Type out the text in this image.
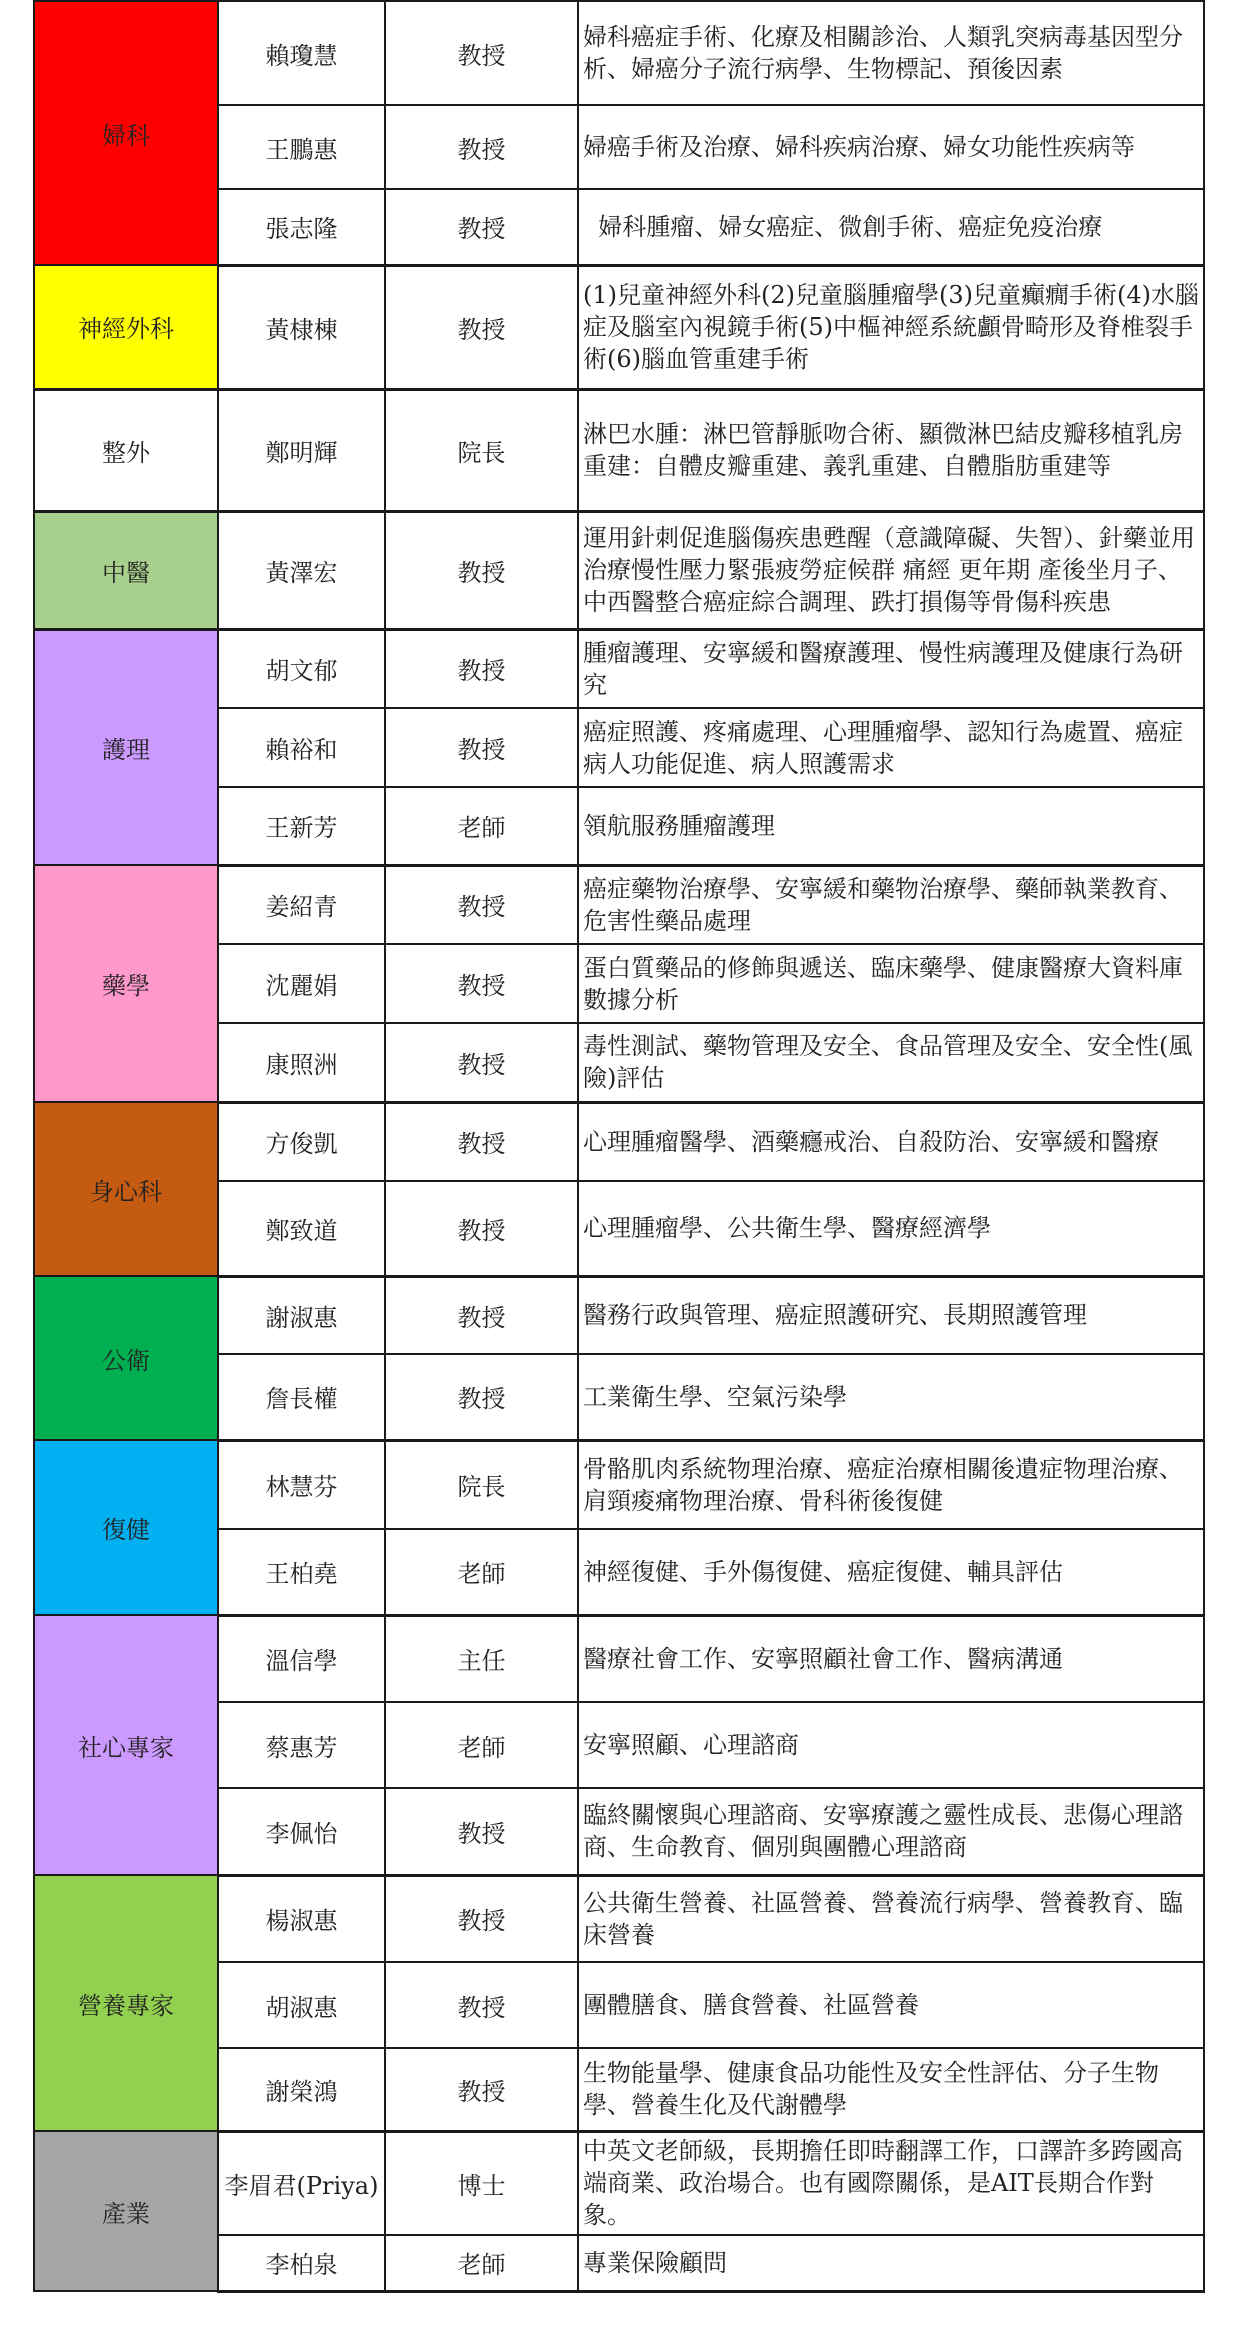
婦科	賴瓊慧	教授	婦科癌症手術、化療及相關診治、人類乳突病毒基因型分析、婦癌分子流行病學、生物標記、預後因素

	王鵬惠	教授	婦癌手術及治療、婦科疾病治療、婦女功能性疾病等

	張志隆	教授	婦科腫瘤、婦女癌症、微創手術、癌症免疫治療

神經外科	黃棣棟	教授	(1)兒童神經外科(2)兒童腦腫瘤學(3)兒童癲癇手術(4)水腦症及腦室內視鏡手術(5)中樞神經系統顱骨畸形及脊椎裂手術(6)腦血管重建手術

整外	鄭明輝	院長	淋巴水腫：淋巴管靜脈吻合術、顯微淋巴結皮瓣移植乳房重建：自體皮瓣重建、義乳重建、自體脂肪重建等

中醫	黃澤宏	教授	運用針刺促進腦傷疾患甦醒（意識障礙、失智）、針藥並用治療慢性壓力緊張疲勞症候群 痛經 更年期 產後坐月子、中西醫整合癌症綜合調理、跌打損傷等骨傷科疾患

護理	胡文郁	教授	腫瘤護理、安寧緩和醫療護理、慢性病護理及健康行為研究

	賴裕和	教授	癌症照護、疼痛處理、心理腫瘤學、認知行為處置、癌症病人功能促進、病人照護需求

	王新芳	老師	領航服務腫瘤護理

藥學	姜紹青	教授	癌症藥物治療學、安寧緩和藥物治療學、藥師執業教育、危害性藥品處理

	沈麗娟	教授	蛋白質藥品的修飾與遞送、臨床藥學、健康醫療大資料庫數據分析

	康照洲	教授	毒性測試、藥物管理及安全、食品管理及安全、安全性(風險)評估

身心科	方俊凱	教授	心理腫瘤醫學、酒藥癮戒治、自殺防治、安寧緩和醫療

	鄭致道	教授	心理腫瘤學、公共衛生學、醫療經濟學

公衛	謝淑惠	教授	醫務行政與管理、癌症照護研究、長期照護管理

	詹長權	教授	工業衛生學、空氣污染學

復健	林慧芬	院長	骨骼肌肉系統物理治療、癌症治療相關後遺症物理治療、肩頸痠痛物理治療、骨科術後復健

	王柏堯	老師	神經復健、手外傷復健、癌症復健、輔具評估

社心專家	溫信學	主任	醫療社會工作、安寧照顧社會工作、醫病溝通

	蔡惠芳	老師	安寧照顧、心理諮商

	李佩怡	教授	臨終關懷與心理諮商、安寧療護之靈性成長、悲傷心理諮商、生命教育、個別與團體心理諮商

營養專家	楊淑惠	教授	公共衛生營養、社區營養、營養流行病學、營養教育、臨床營養

	胡淑惠	教授	團體膳食、膳食營養、社區營養

	謝榮鴻	教授	生物能量學、健康食品功能性及安全性評估、分子生物學、營養生化及代謝體學

產業	李眉君(Priya)	博士	中英文老師級，長期擔任即時翻譯工作，口譯許多跨國高端商業、政治場合。也有國際關係，是AIT長期合作對象。

	李柏泉	老師	專業保險顧問
